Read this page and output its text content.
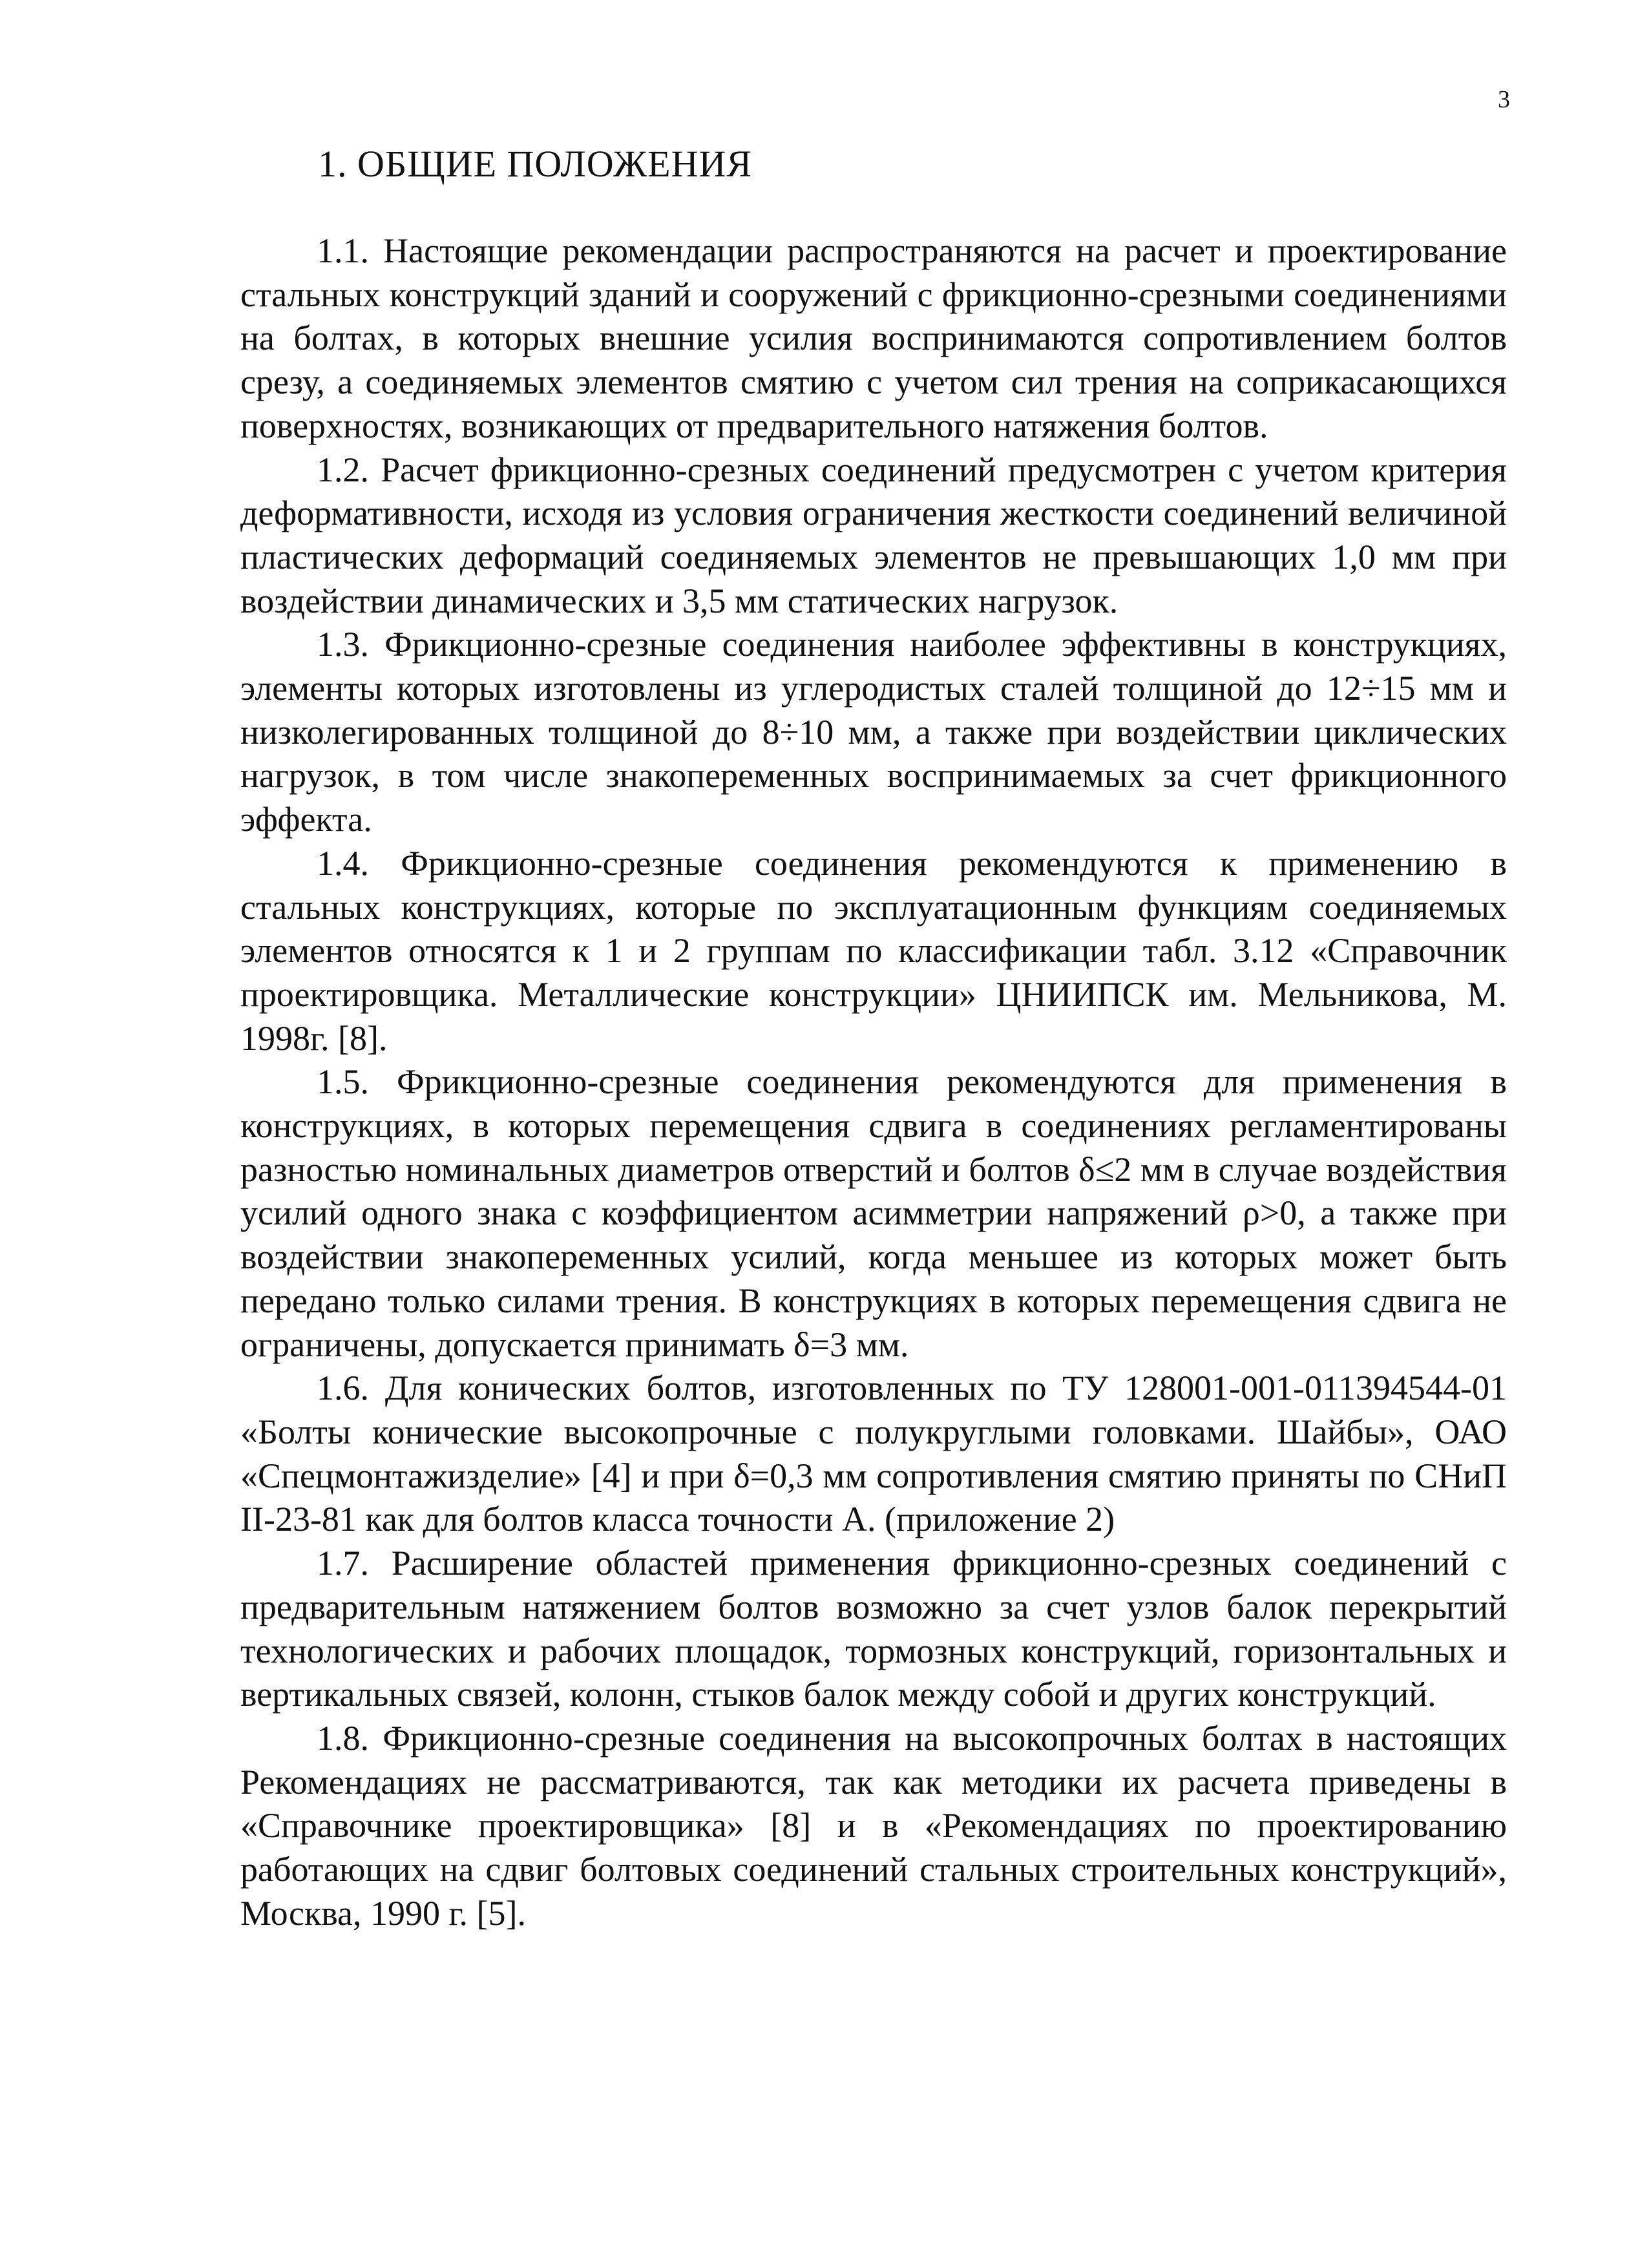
3
1. ОБЩИЕ ПОЛОЖЕНИЯ

1.1. Настоящие рекомендации распространяются на расчет и проектирование стальных конструкций зданий и сооружений с фрикционно-срезными соединениями на болтах, в которых внешние усилия воспринимаются сопротивлением болтов срезу, а соединяемых элементов смятию с учетом сил трения на соприкасающихся поверхностях, возникающих от предварительного натяжения болтов.

1.2. Расчет фрикционно-срезных соединений предусмотрен с учетом критерия деформативности, исходя из условия ограничения жесткости соединений величиной пластических деформаций соединяемых элементов не превышающих 1,0 мм при воздействии динамических и 3,5 мм статических нагрузок.

1.3. Фрикционно-срезные соединения наиболее эффективны в конструкциях, элементы которых изготовлены из углеродистых сталей толщиной до 12÷15 мм и низколегированных толщиной до 8÷10 мм, а также при воздействии циклических нагрузок, в том числе знакопеременных воспринимаемых за счет фрикционного эффекта.

1.4. Фрикционно-срезные соединения рекомендуются к применению в стальных конструкциях, которые по эксплуатационным функциям соединяемых элементов относятся к 1 и 2 группам по классификации табл. 3.12 «Справочник проектировщика. Металлические конструкции» ЦНИИПСК им. Мельникова, М. 1998г. [8].

1.5. Фрикционно-срезные соединения рекомендуются для применения в конструкциях, в которых перемещения сдвига в соединениях регламентированы разностью номинальных диаметров отверстий и болтов δ≤2 мм в случае воздействия усилий одного знака с коэффициентом асимметрии напряжений ρ>0, а также при воздействии знакопеременных усилий, когда меньшее из которых может быть передано только силами трения. В конструкциях в которых перемещения сдвига не ограничены, допускается принимать δ=3 мм.

1.6. Для конических болтов, изготовленных по ТУ 128001-001-011394544-01 «Болты конические высокопрочные с полукруглыми головками. Шайбы», ОАО «Спецмонтажизделие» [4] и при δ=0,3 мм сопротивления смятию приняты по СНиП II-23-81 как для болтов класса точности А. (приложение 2)

1.7. Расширение областей применения фрикционно-срезных соединений с предварительным натяжением болтов возможно за счет узлов балок перекрытий технологических и рабочих площадок, тормозных конструкций, горизонтальных и вертикальных связей, колонн, стыков балок между собой и других конструкций.

1.8. Фрикционно-срезные соединения на высокопрочных болтах в настоящих Рекомендациях не рассматриваются, так как методики их расчета приведены в «Справочнике проектировщика» [8] и в «Рекомендациях по проектированию работающих на сдвиг болтовых соединений стальных строительных конструкций», Москва, 1990 г. [5].
